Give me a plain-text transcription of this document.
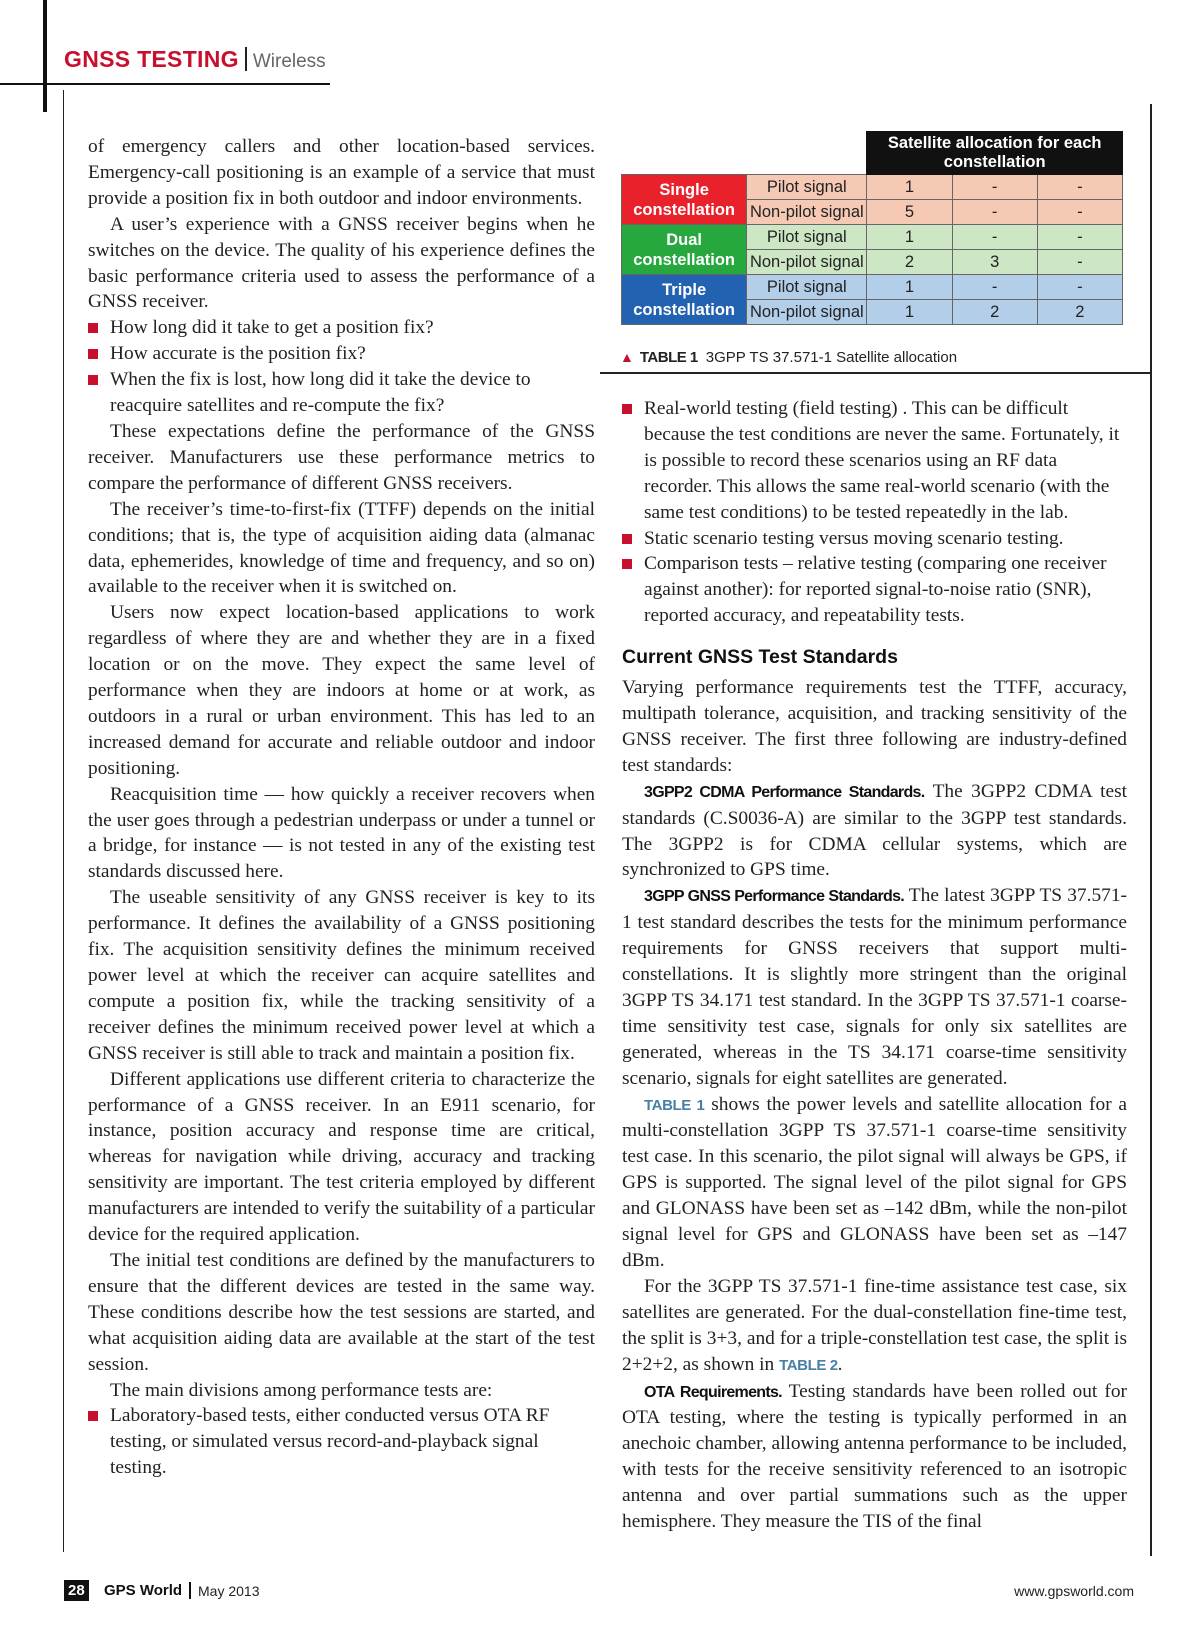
GNSS TESTING Wireless

of emergency callers and other location-based services. Emergency-call positioning is an example of a service that must provide a position fix in both outdoor and indoor environments.

A user’s experience with a GNSS receiver begins when he switches on the device. The quality of his experience defines the basic performance criteria used to assess the performance of a GNSS receiver.

How long did it take to get a position fix?
How accurate is the position fix?
When the fix is lost, how long did it take the device to reacquire satellites and re-compute the fix?

These expectations define the performance of the GNSS receiver. Manufacturers use these performance metrics to compare the performance of different GNSS receivers.

The receiver’s time-to-first-fix (TTFF) depends on the initial conditions; that is, the type of acquisition aiding data (almanac data, ephemerides, knowledge of time and frequency, and so on) available to the receiver when it is switched on.

Users now expect location-based applications to work regardless of where they are and whether they are in a fixed location or on the move. They expect the same level of performance when they are indoors at home or at work, as outdoors in a rural or urban environment. This has led to an increased demand for accurate and reliable outdoor and indoor positioning.

Reacquisition time — how quickly a receiver recovers when the user goes through a pedestrian underpass or under a tunnel or a bridge, for instance — is not tested in any of the existing test standards discussed here.

The useable sensitivity of any GNSS receiver is key to its performance. It defines the availability of a GNSS positioning fix. The acquisition sensitivity defines the minimum received power level at which the receiver can acquire satellites and compute a position fix, while the tracking sensitivity of a receiver defines the minimum received power level at which a GNSS receiver is still able to track and maintain a position fix.

Different applications use different criteria to characterize the performance of a GNSS receiver. In an E911 scenario, for instance, position accuracy and response time are critical, whereas for navigation while driving, accuracy and tracking sensitivity are important. The test criteria employed by different manufacturers are intended to verify the suitability of a particular device for the required application.

The initial test conditions are defined by the manufacturers to ensure that the different devices are tested in the same way. These conditions describe how the test sessions are started, and what acquisition aiding data are available at the start of the test session.

The main divisions among performance tests are:

Laboratory-based tests, either conducted versus OTA RF testing, or simulated versus record-and-playback signal testing.
		Satellite allocation for each constellation		
Single constellation	Pilot signal	1	-	-
	Non-pilot signal	5	-	-
Dual constellation	Pilot signal	1	-	-
	Non-pilot signal	2	3	-
Triple constellation	Pilot signal	1	-	-
	Non-pilot signal	1	2	2
▲ TABLE 1 3GPP TS 37.571-1 Satellite allocation
Real-world testing (field testing) . This can be difficult because the test conditions are never the same. Fortunately, it is possible to record these scenarios using an RF data recorder. This allows the same real-world scenario (with the same test conditions) to be tested repeatedly in the lab.
Static scenario testing versus moving scenario testing.
Comparison tests – relative testing (comparing one receiver against another): for reported signal-to-noise ratio (SNR), reported accuracy, and repeatability tests.
Current GNSS Test Standards

Varying performance requirements test the TTFF, accuracy, multipath tolerance, acquisition, and tracking sensitivity of the GNSS receiver. The first three following are industry-defined test standards:

3GPP2 CDMA Performance Standards. The 3GPP2 CDMA test standards (C.S0036-A) are similar to the 3GPP test standards. The 3GPP2 is for CDMA cellular systems, which are synchronized to GPS time.

3GPP GNSS Performance Standards. The latest 3GPP TS 37.571-1 test standard describes the tests for the minimum performance requirements for GNSS receivers that support multi-constellations. It is slightly more stringent than the original 3GPP TS 34.171 test standard. In the 3GPP TS 37.571-1 coarse-time sensitivity test case, signals for only six satellites are generated, whereas in the TS 34.171 coarse-time sensitivity scenario, signals for eight satellites are generated.

TABLE 1 shows the power levels and satellite allocation for a multi-constellation 3GPP TS 37.571-1 coarse-time sensitivity test case. In this scenario, the pilot signal will always be GPS, if GPS is supported. The signal level of the pilot signal for GPS and GLONASS have been set as –142 dBm, while the non-pilot signal level for GPS and GLONASS have been set as –147 dBm.

For the 3GPP TS 37.571-1 fine-time assistance test case, six satellites are generated. For the dual-constellation fine-time test, the split is 3+3, and for a triple-constellation test case, the split is 2+2+2, as shown in TABLE 2.

OTA Requirements. Testing standards have been rolled out for OTA testing, where the testing is typically performed in an anechoic chamber, allowing antenna performance to be included, with tests for the receive sensitivity referenced to an isotropic antenna and over partial summations such as the upper hemisphere. They measure the TIS of the final

28 GPS World May 2013	www.gpsworld.com
